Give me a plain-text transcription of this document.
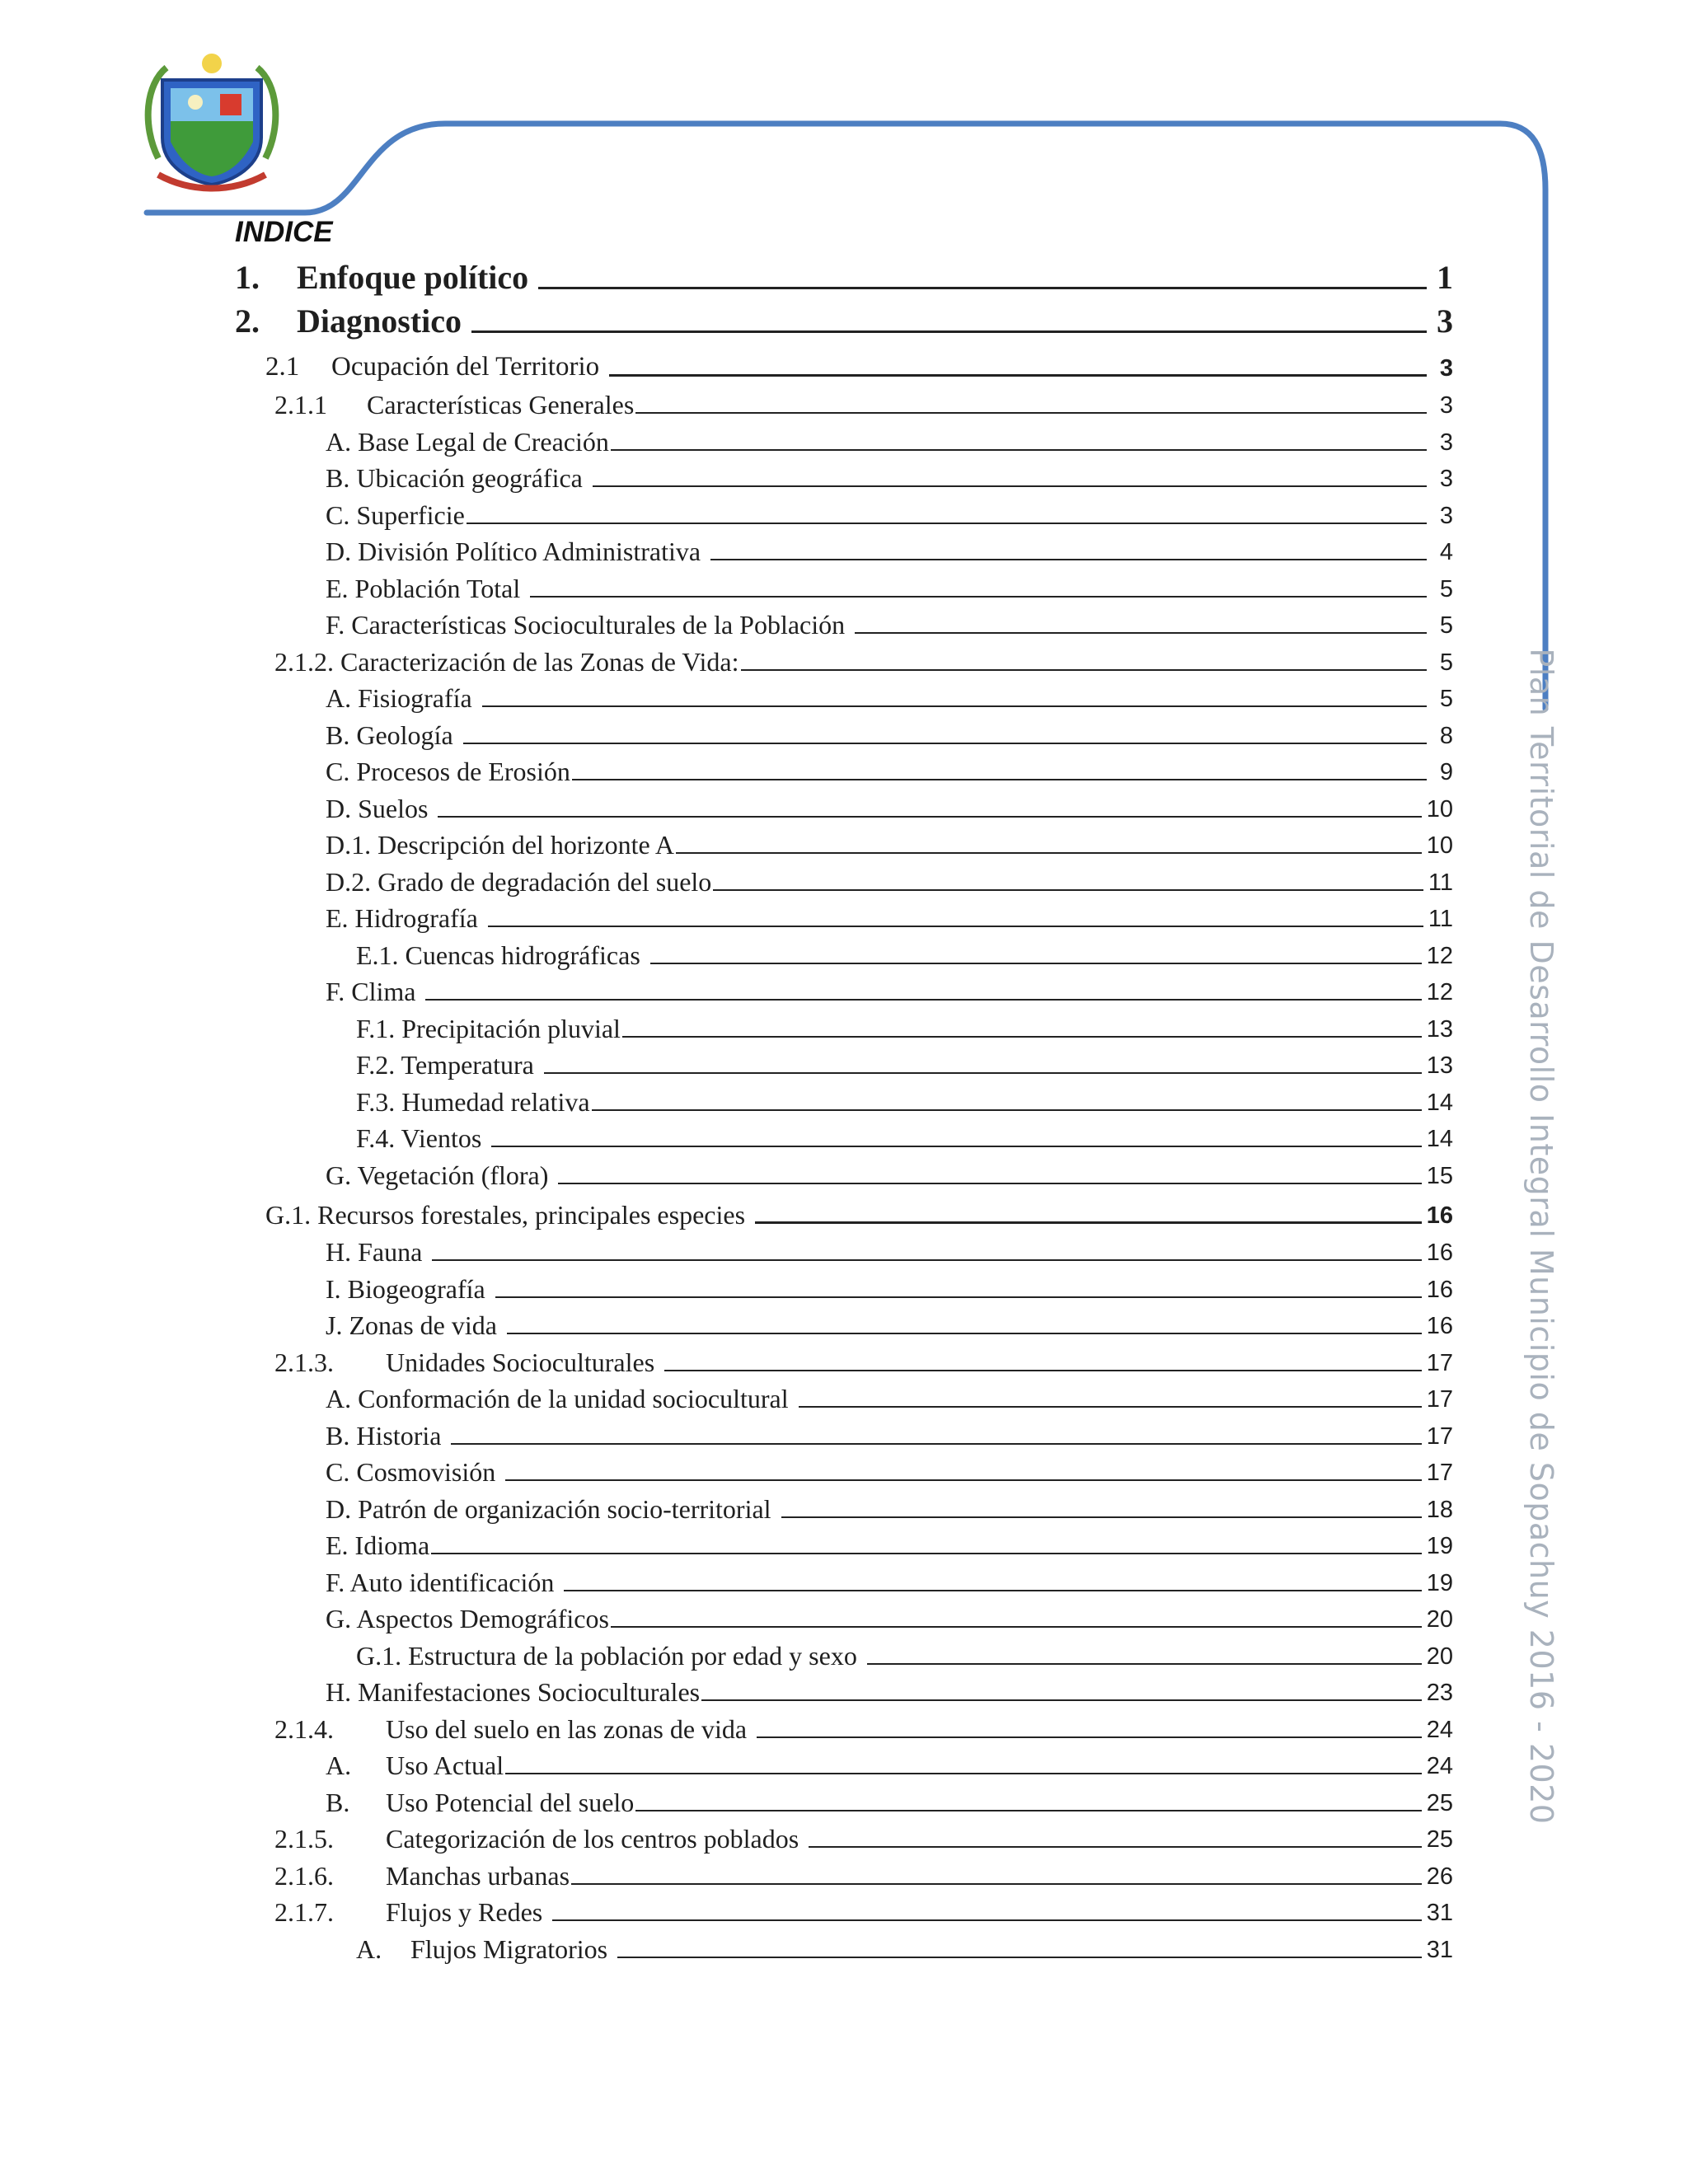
Plan Territorial de Desarrollo Integral Municipio de Sopachuy 2016 - 2020
INDICE
1.	Enfoque político	1
2.	Diagnostico	3
2.1	Ocupación del Territorio	3
2.1.1	Características Generales	3
A. Base Legal de Creación	3
B. Ubicación geográfica	3
C. Superficie	3
D. División Político Administrativa	4
E. Población Total	5
F. Características Socioculturales de la Población	5
2.1.2. Caracterización de las Zonas de Vida:	5
A. Fisiografía	5
B. Geología	8
C. Procesos de Erosión	9
D. Suelos	10
D.1. Descripción del horizonte A	10
D.2. Grado de degradación del suelo	11
E. Hidrografía	11
E.1. Cuencas hidrográficas	12
F. Clima	12
F.1. Precipitación pluvial	13
F.2. Temperatura	13
F.3. Humedad relativa	14
F.4. Vientos	14
G. Vegetación (flora)	15
G.1. Recursos forestales, principales especies	16
H. Fauna	16
I. Biogeografía	16
J. Zonas de vida	16
2.1.3.	Unidades Socioculturales	17
A. Conformación de la unidad sociocultural	17
B. Historia	17
C. Cosmovisión	17
D. Patrón de organización socio-territorial	18
E. Idioma	19
F. Auto identificación	19
G. Aspectos Demográficos	20
G.1. Estructura de la población por edad y sexo	20
H. Manifestaciones Socioculturales	23
2.1.4.	Uso del suelo en las zonas de vida	24
A.	Uso Actual	24
B.	Uso Potencial del suelo	25
2.1.5.	Categorización de los centros poblados	25
2.1.6.	Manchas urbanas	26
2.1.7.	Flujos y Redes	31
A.	Flujos Migratorios	31
